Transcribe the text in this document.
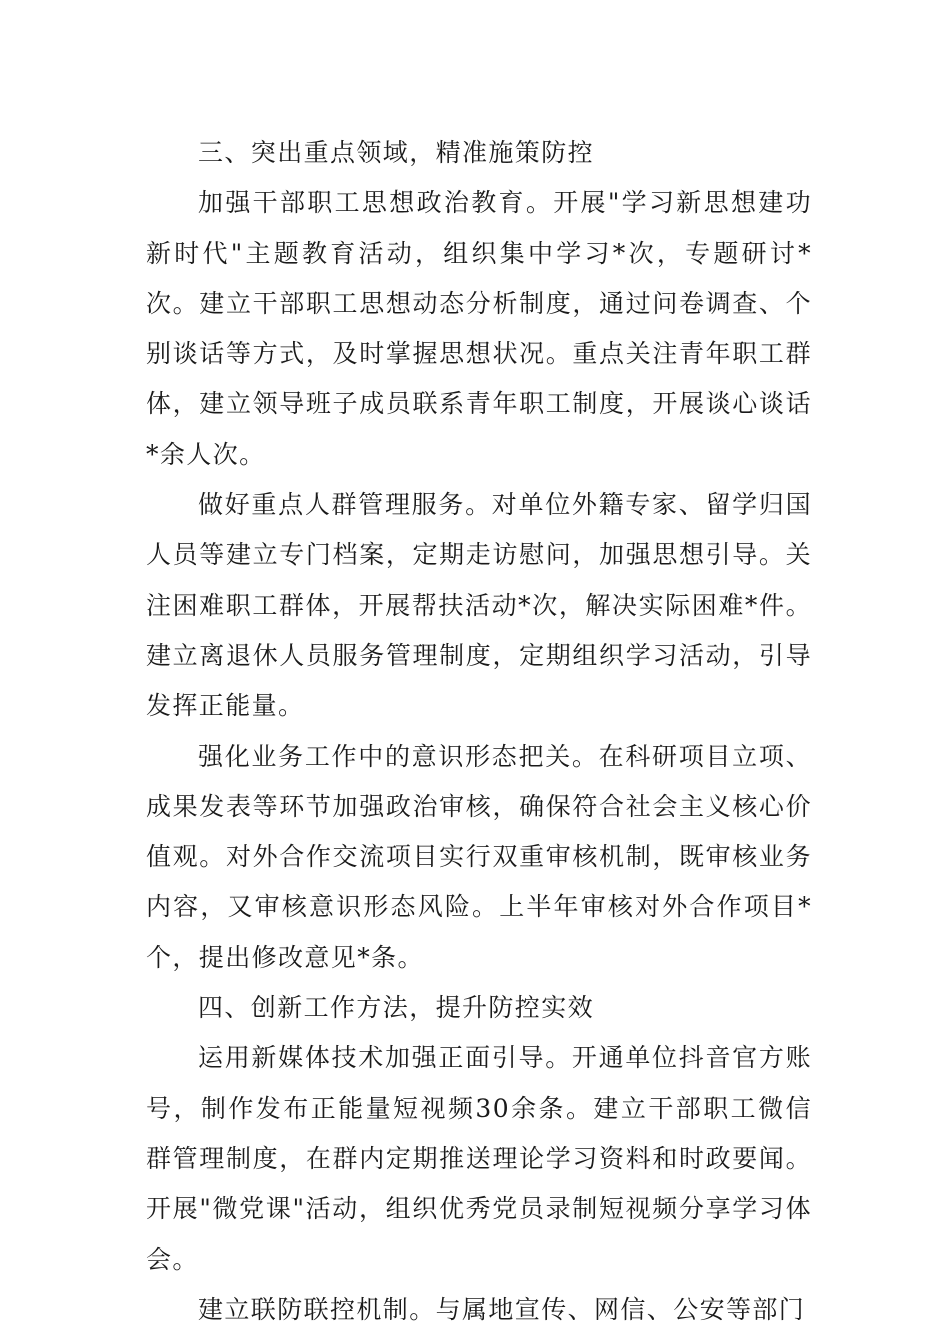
三、突出重点领域，精准施策防控

加强干部职工思想政治教育。开展"学习新思想建功新时代"主题教育活动，组织集中学习*次，专题研讨*次。建立干部职工思想动态分析制度，通过问卷调查、个别谈话等方式，及时掌握思想状况。重点关注青年职工群体，建立领导班子成员联系青年职工制度，开展谈心谈话*余人次。

做好重点人群管理服务。对单位外籍专家、留学归国人员等建立专门档案，定期走访慰问，加强思想引导。关注困难职工群体，开展帮扶活动*次，解决实际困难*件。建立离退休人员服务管理制度，定期组织学习活动，引导发挥正能量。

强化业务工作中的意识形态把关。在科研项目立项、成果发表等环节加强政治审核，确保符合社会主义核心价值观。对外合作交流项目实行双重审核机制，既审核业务内容，又审核意识形态风险。上半年审核对外合作项目*个，提出修改意见*条。

四、创新工作方法，提升防控实效

运用新媒体技术加强正面引导。开通单位抖音官方账号，制作发布正能量短视频30余条。建立干部职工微信群管理制度，在群内定期推送理论学习资料和时政要闻。开展"微党课"活动，组织优秀党员录制短视频分享学习体会。

建立联防联控机制。与属地宣传、网信、公安等部门
